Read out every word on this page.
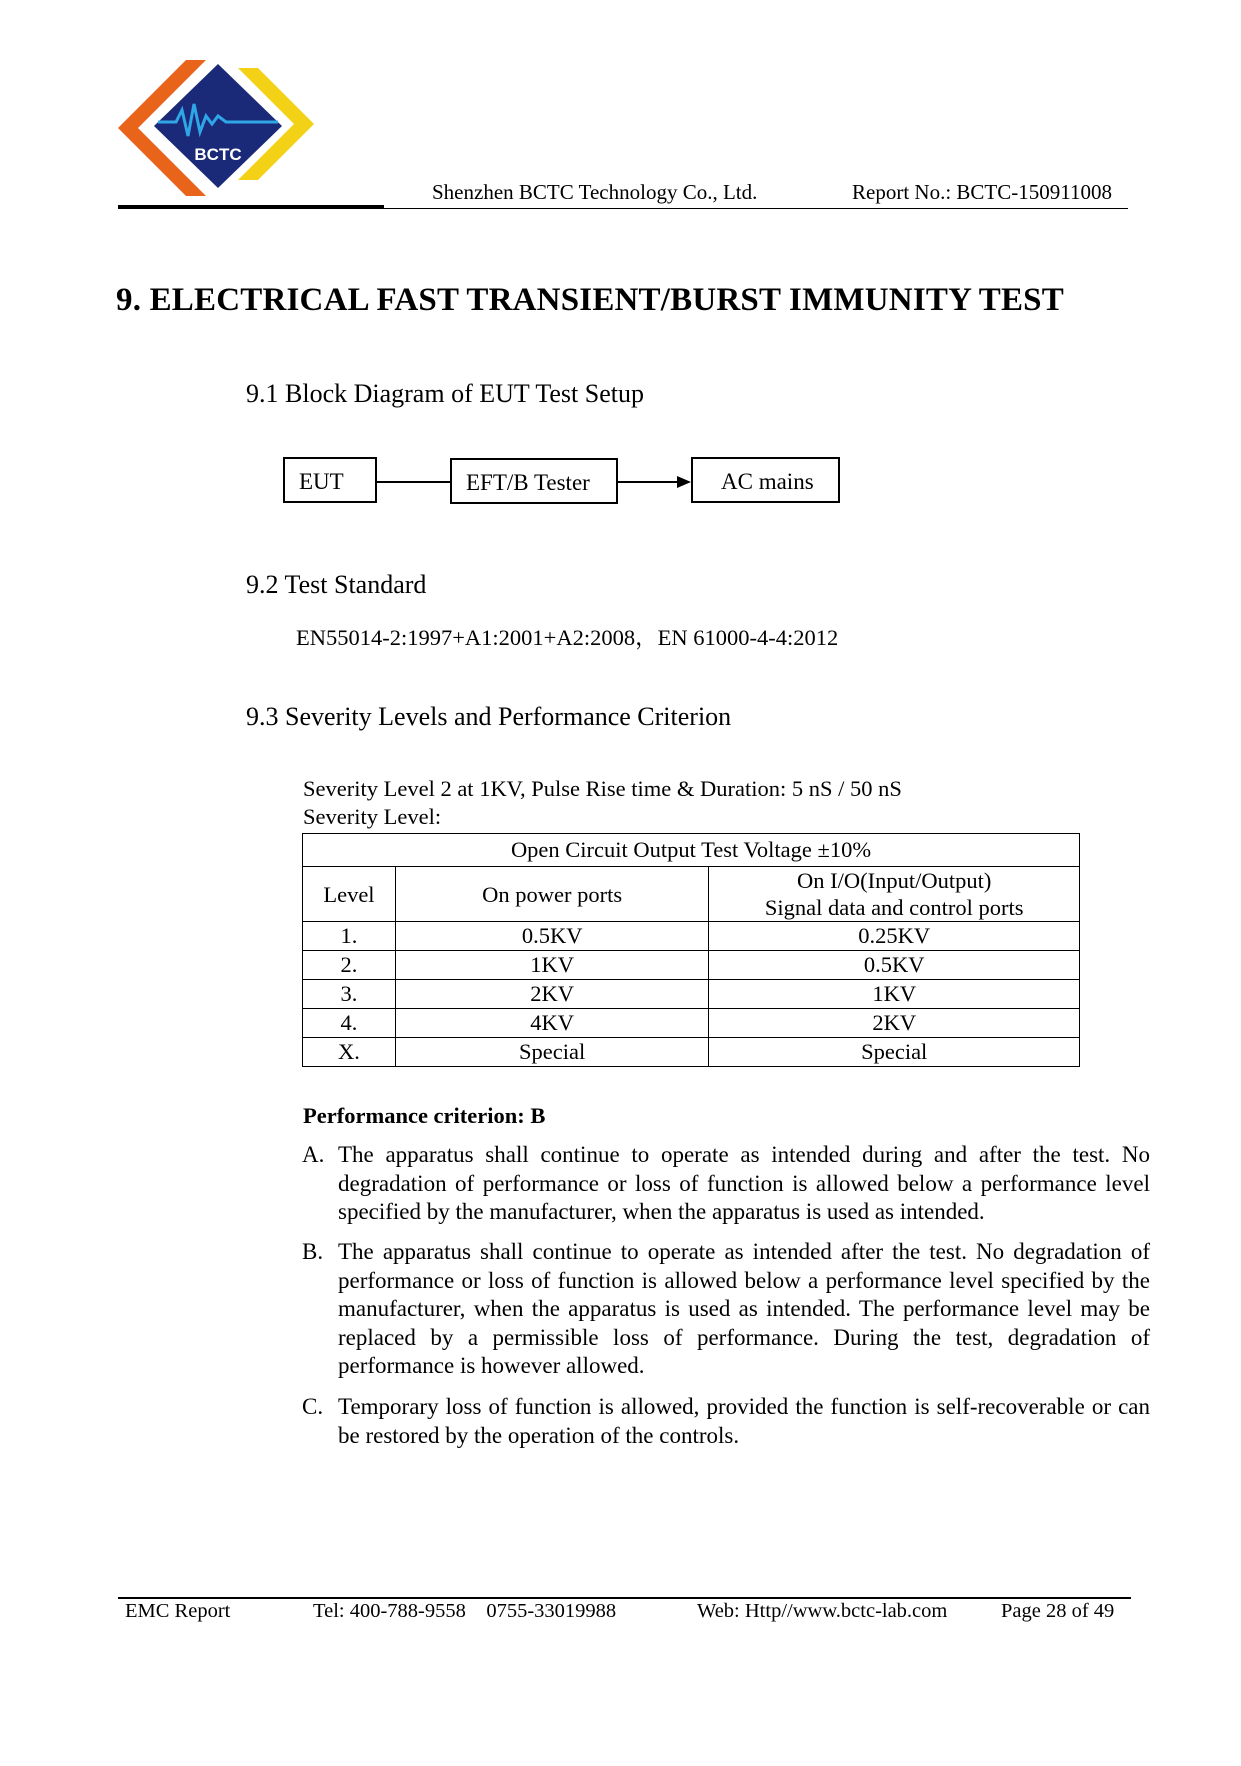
BCTC
Shenzhen BCTC Technology Co., Ltd.	Report No.: BCTC-150911008
9. ELECTRICAL FAST TRANSIENT/BURST IMMUNITY TEST
9.1 Block Diagram of EUT Test Setup
EUT	EFT/B Tester	AC mains
9.2 Test Standard
EN55014-2:1997+A1:2001+A2:2008，EN 61000-4-4:2012
9.3 Severity Levels and Performance Criterion
Severity Level 2 at 1KV, Pulse Rise time & Duration: 5 nS / 50 nS
Severity Level:
Open Circuit Output Test Voltage ±10%		
Level	On power ports	On I/O(Input/Output)
Signal data and control ports

1.	0.5KV	0.25KV
2.	1KV	0.5KV
3.	2KV	1KV
4.	4KV	2KV
X.	Special	Special
Performance criterion: B
A. The apparatus shall continue to operate as intended during and after the test. No degradation of performance or loss of function is allowed below a performance level specified by the manufacturer, when the apparatus is used as intended.
B. The apparatus shall continue to operate as intended after the test. No degradation of performance or loss of function is allowed below a performance level specified by the manufacturer, when the apparatus is used as intended. The performance level may be replaced by a permissible loss of performance. During the test, degradation of performance is however allowed.
C. Temporary loss of function is allowed, provided the function is self-recoverable or can be restored by the operation of the controls.
EMC Report	Tel: 400-788-9558    0755-33019988	Web: Http//www.bctc-lab.com	Page 28 of 49
